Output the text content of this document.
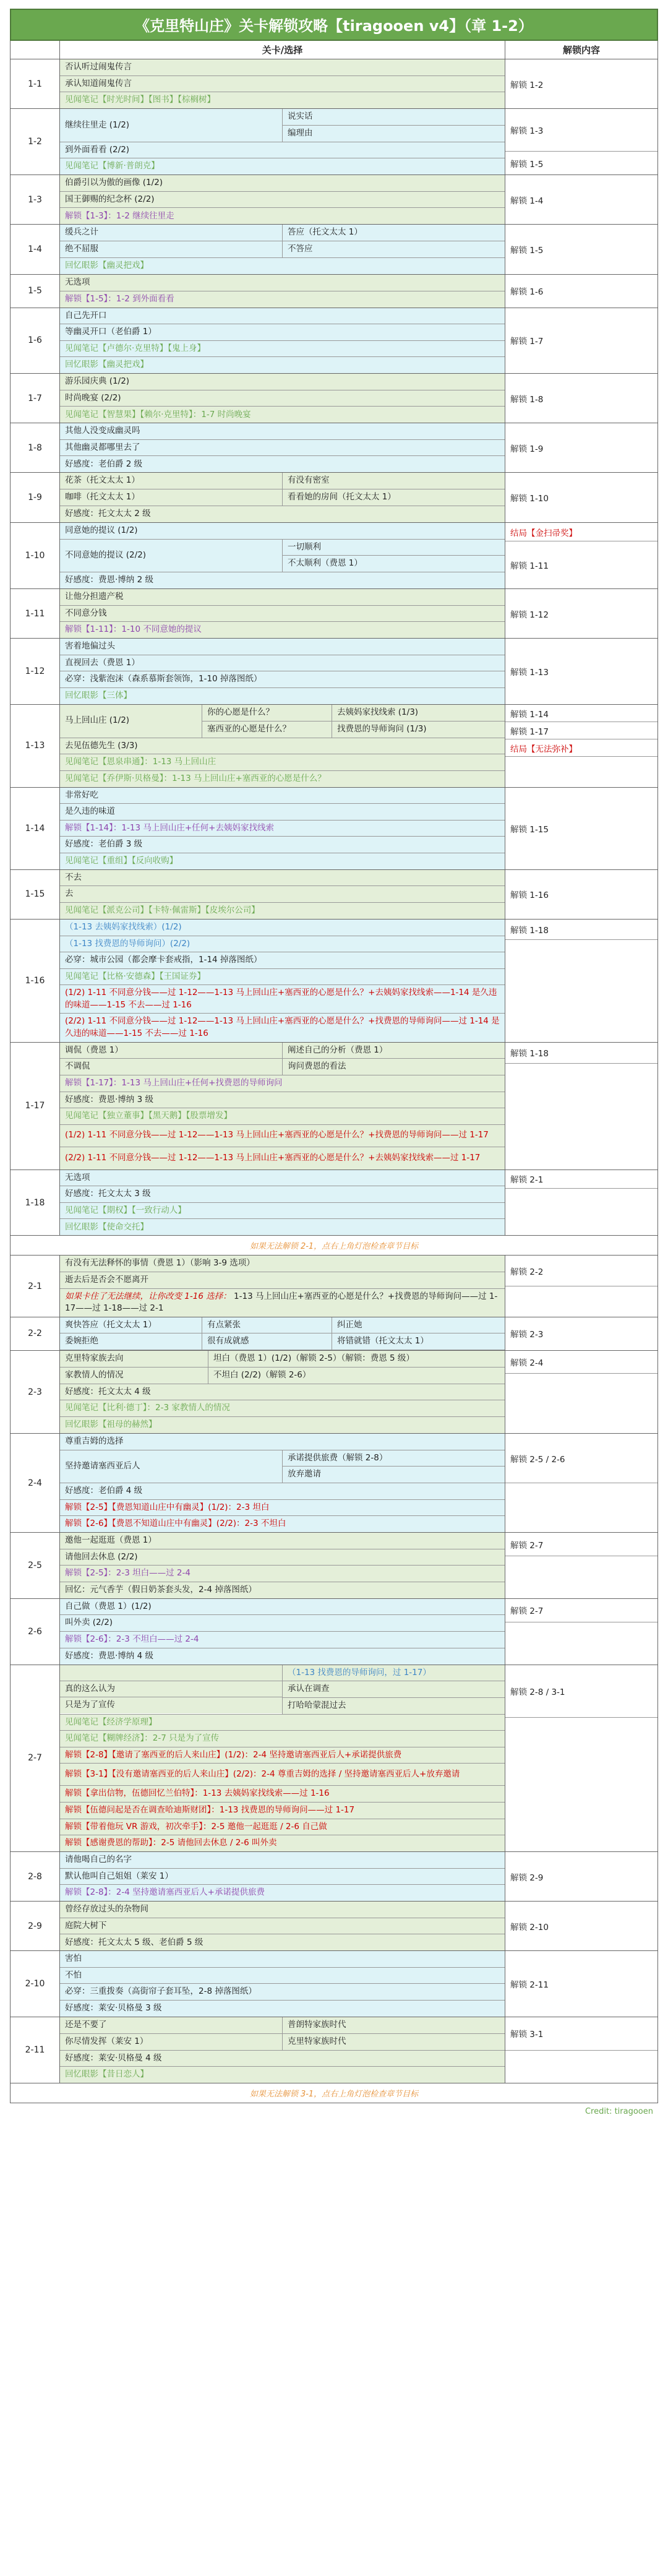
《克里特山庄》关卡解锁攻略【tiragooen v4】（章 1-2）
关卡/选择	解锁内容
1-1
否认听过闹鬼传言
承认知道闹鬼传言
见闻笔记【时光时间】【图书】【棕榈树】
解锁 1-2
1-2
继续往里走 (1/2)
说实话
编理由
到外面看看 (2/2)
见闻笔记【博新·普朗克】
解锁 1-3
解锁 1-5
1-3
伯爵引以为傲的画像 (1/2)
国王御赐的纪念杯 (2/2)
解锁【1-3】：1-2 继续往里走
解锁 1-4
1-4
缓兵之计
绝不屈服
答应（托文太太 1）
不答应
回忆眼影【幽灵把戏】
解锁 1-5
1-5
无选项
解锁【1-5】：1-2 到外面看看
解锁 1-6
1-6
自己先开口
等幽灵开口（老伯爵 1）
见闻笔记【卢德尔·克里特】【鬼上身】
回忆眼影【幽灵把戏】
解锁 1-7
1-7
游乐园庆典 (1/2)
时尚晚宴 (2/2)
见闻笔记【智慧果】【赖尔·克里特】：1-7 时尚晚宴
解锁 1-8
1-8
其他人没变成幽灵吗
其他幽灵都哪里去了
好感度：老伯爵 2 级
解锁 1-9
1-9
花茶（托文太太 1）
咖啡（托文太太 1）
有没有密室
看看她的房间（托文太太 1）
好感度：托文太太 2 级
解锁 1-10
1-10
同意她的提议 (1/2)
不同意她的提议 (2/2)
一切顺利
不太顺利（费恩 1）
好感度：费恩·博纳 2 级
结局【金扫帚奖】
解锁 1-11
1-11
让他分担遗产税
不同意分钱
解锁【1-11】：1-10 不同意她的提议
解锁 1-12
1-12
害着地偏过头
直视回去（费恩 1）
必穿：浅紫泡沫（森系慕斯套领饰，1-10 掉落图纸）
回忆眼影【三体】
解锁 1-13
1-13
马上回山庄 (1/2)
你的心愿是什么？
塞西亚的心愿是什么？
去姨妈家找线索 (1/3)
找费恩的导师询问 (1/3)
去见伍德先生 (3/3)
见闻笔记【恩泉串通】：1-13 马上回山庄
见闻笔记【乔伊斯·贝格曼】：1-13 马上回山庄+塞西亚的心愿是什么？
解锁 1-14
解锁 1-17
结局【无法弥补】
1-14
非常好吃
是久违的味道
解锁【1-14】：1-13 马上回山庄+任何+去姨妈家找线索
好感度：老伯爵 3 级
见闻笔记【重组】【反向收购】
解锁 1-15
1-15
不去
去
见闻笔记【派克公司】【卡特·佩雷斯】【皮埃尔公司】
解锁 1-16
1-16
（1-13 去姨妈家找线索）(1/2)
（1-13 找费恩的导师询问）(2/2)
必穿：城市公园（都会摩卡套戒指，1-14 掉落图纸）
见闻笔记【比格·安德森】【王国证券】
(1/2) 1-11 不同意分钱——过 1-12——1-13 马上回山庄+塞西亚的心愿是什么？+去姨妈家找线索——1-14 是久违的味道——1-15 不去——过 1-16
(2/2) 1-11 不同意分钱——过 1-12——1-13 马上回山庄+塞西亚的心愿是什么？+找费恩的导师询问——过 1-14 是久违的味道——1-15 不去——过 1-16
解锁 1-18
1-17
调侃（费恩 1）
不调侃
阐述自己的分析（费恩 1）
询问费恩的看法
解锁【1-17】：1-13 马上回山庄+任何+找费恩的导师询问
好感度：费恩·博纳 3 级
见闻笔记【独立董事】【黑天鹅】【股票增发】
(1/2) 1-11 不同意分钱——过 1-12——1-13 马上回山庄+塞西亚的心愿是什么？+找费恩的导师询问——过 1-17
(2/2) 1-11 不同意分钱——过 1-12——1-13 马上回山庄+塞西亚的心愿是什么？+去姨妈家找线索——过 1-17
解锁 1-18
1-18
无选项
好感度：托文太太 3 级
见闻笔记【期权】【一致行动人】
回忆眼影【使命交托】
解锁 2-1
如果无法解锁 2-1，点右上角灯泡检查章节目标
2-1
有没有无法释怀的事情（费恩 1）（影响 3-9 选项）
逝去后是否会不愿离开
如果卡住了无法继续，让你改变 1-16 选择： 1-13 马上回山庄+塞西亚的心愿是什么？+找费恩的导师询问——过 1-17——过 1-18——过 2-1
解锁 2-2
2-2
爽快答应（托文太太 1）
委婉拒绝
有点紧张
很有成就感
纠正她
将错就错（托文太太 1）
解锁 2-3
2-3
克里特家族去向
家教情人的情况
坦白（费恩 1）(1/2)（解锁 2-5）（解锁：费恩 5 级）
不坦白 (2/2)（解锁 2-6）
好感度：托文太太 4 级
见闻笔记【比利·德丁】：2-3 家教情人的情况
回忆眼影【祖母的赫然】
解锁 2-4
2-4
尊重吉姆的选择
坚持邀请塞西亚后人
承诺提供旅费（解锁 2-8）
放弃邀请
好感度：老伯爵 4 级
解锁【2-5】【费恩知道山庄中有幽灵】(1/2)：2-3 坦白
解锁【2-6】【费恩不知道山庄中有幽灵】(2/2)：2-3 不坦白
解锁 2-5 / 2-6
2-5
邀他一起逛逛（费恩 1）
请他回去休息 (2/2)
解锁【2-5】：2-3 坦白——过 2-4
回忆：元气香芋（假日奶茶套头发，2-4 掉落图纸）
解锁 2-7
2-6
自己做（费恩 1）(1/2)
叫外卖 (2/2)
解锁【2-6】：2-3 不坦白——过 2-4
好感度：费恩·博纳 4 级
解锁 2-7
2-7
真的这么认为
只是为了宣传
（1-13 找费恩的导师询问，过 1-17）
承认在调查
打哈哈蒙混过去
见闻笔记【经济学原理】
见闻笔记【糊牌经济】：2-7 只是为了宣传
解锁【2-8】【邀请了塞西亚的后人来山庄】(1/2)：2-4 坚持邀请塞西亚后人+承诺提供旅费
解锁【3-1】【没有邀请塞西亚的后人来山庄】(2/2)：2-4 尊重吉姆的选择 / 坚持邀请塞西亚后人+放弃邀请
解锁【拿出信物，伍德回忆兰伯特】：1-13 去姨妈家找线索——过 1-16
解锁【伍德问起是否在调查哈迪斯财团】：1-13 找费恩的导师询问——过 1-17
解锁【带着他玩 VR 游戏，初次牵手】：2-5 邀他一起逛逛 / 2-6 自己做
解锁【感谢费恩的帮助】：2-5 请他回去休息 / 2-6 叫外卖
解锁 2-8 / 3-1
2-8
请他喝自己的名字
默认他叫自己姐姐（莱安 1）
解锁【2-8】：2-4 坚持邀请塞西亚后人+承诺提供旅费
解锁 2-9
2-9
曾经存放过头的杂物间
庭院大树下
好感度：托文太太 5 级、老伯爵 5 级
解锁 2-10
2-10
害怕
不怕
必穿：三重拨奏（高街帘子套耳坠，2-8 掉落图纸）
好感度：莱安·贝格曼 3 级
解锁 2-11
2-11
还是不要了
你尽情发挥（莱安 1）
普朗特家族时代
克里特家族时代
好感度：莱安·贝格曼 4 级
回忆眼影【昔日恋人】
解锁 3-1
如果无法解锁 3-1，点右上角灯泡检查章节目标
Credit: tiragooen
